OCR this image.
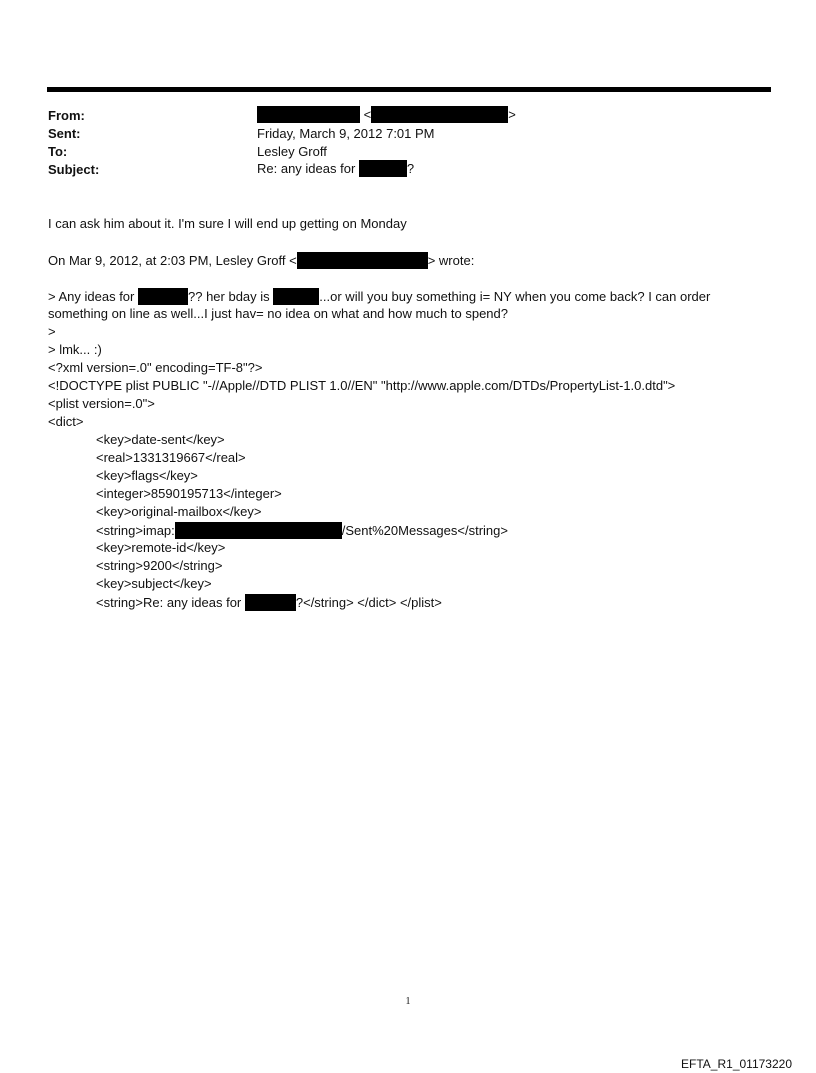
From:	<	>
Sent:	Friday, March 9, 2012 7:01 PM
To:	Lesley Groff
Subject:	Re: any ideas for	?
I can ask him about it. I'm sure I will end up getting on Monday
On Mar 9, 2012, at 2:03 PM, Lesley Groff <	> wrote:
> Any ideas for	?? her bday is	...or will you buy something i= NY when you come back? I can order
something on line as well...I just hav= no idea on what and how much to spend?
>
> lmk... :)
<?xml version=.0" encoding=TF-8"?>
<!DOCTYPE plist PUBLIC "-//Apple//DTD PLIST 1.0//EN" "http://www.apple.com/DTDs/PropertyList-1.0.dtd">
<plist version=.0">
<dict>
<key>date-sent</key>
<real>1331319667</real>
<key>flags</key>
<integer>8590195713</integer>
<key>original-mailbox</key>
<string>imap:	/Sent%20Messages</string>
<key>remote-id</key>
<string>9200</string>
<key>subject</key>
<string>Re: any ideas for	?</string> </dict> </plist>
1
EFTA_R1_01173220
